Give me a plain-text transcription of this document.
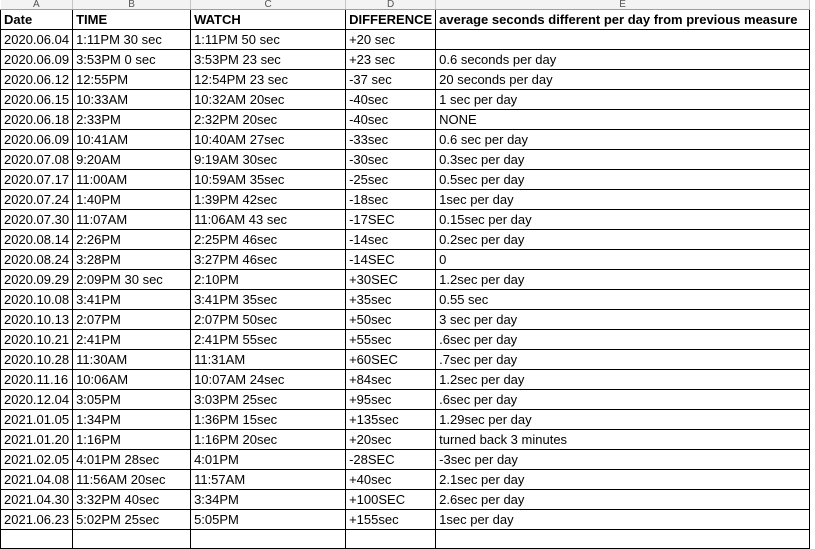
A	B	C	D	E
Date	TIME	WATCH	DIFFERENCE	average seconds different per day from previous measure
2020.06.04	1:11PM 30 sec	1:11PM 50 sec	+20 sec	
2020.06.09	3:53PM 0 sec	3:53PM 23 sec	+23 sec	0.6 seconds per day
2020.06.12	12:55PM	12:54PM 23 sec	-37 sec	20 seconds per day
2020.06.15	10:33AM	10:32AM 20sec	-40sec	1 sec per day
2020.06.18	2:33PM	2:32PM 20sec	-40sec	NONE
2020.06.09	10:41AM	10:40AM 27sec	-33sec	0.6 sec per day
2020.07.08	9:20AM	9:19AM 30sec	-30sec	0.3sec per day
2020.07.17	11:00AM	10:59AM 35sec	-25sec	0.5sec per day
2020.07.24	1:40PM	1:39PM 42sec	-18sec	1sec per day
2020.07.30	11:07AM	11:06AM 43 sec	-17SEC	0.15sec per day
2020.08.14	2:26PM	2:25PM 46sec	-14sec	0.2sec per day
2020.08.24	3:28PM	3:27PM 46sec	-14SEC	0
2020.09.29	2:09PM 30 sec	2:10PM	+30SEC	1.2sec per day
2020.10.08	3:41PM	3:41PM 35sec	+35sec	0.55 sec
2020.10.13	2:07PM	2:07PM 50sec	+50sec	3 sec per day
2020.10.21	2:41PM	2:41PM 55sec	+55sec	.6sec per day
2020.10.28	11:30AM	11:31AM	+60SEC	.7sec per day
2020.11.16	10:06AM	10:07AM 24sec	+84sec	1.2sec per day
2020.12.04	3:05PM	3:03PM 25sec	+95sec	.6sec per day
2021.01.05	1:34PM	1:36PM 15sec	+135sec	1.29sec per day
2021.01.20	1:16PM	1:16PM 20sec	+20sec	turned back 3 minutes
2021.02.05	4:01PM 28sec	4:01PM	-28SEC	-3sec per day
2021.04.08	11:56AM 20sec	11:57AM	+40sec	2.1sec per day
2021.04.30	3:32PM 40sec	3:34PM	+100SEC	2.6sec per day
2021.06.23	5:02PM 25sec	5:05PM	+155sec	1sec per day
